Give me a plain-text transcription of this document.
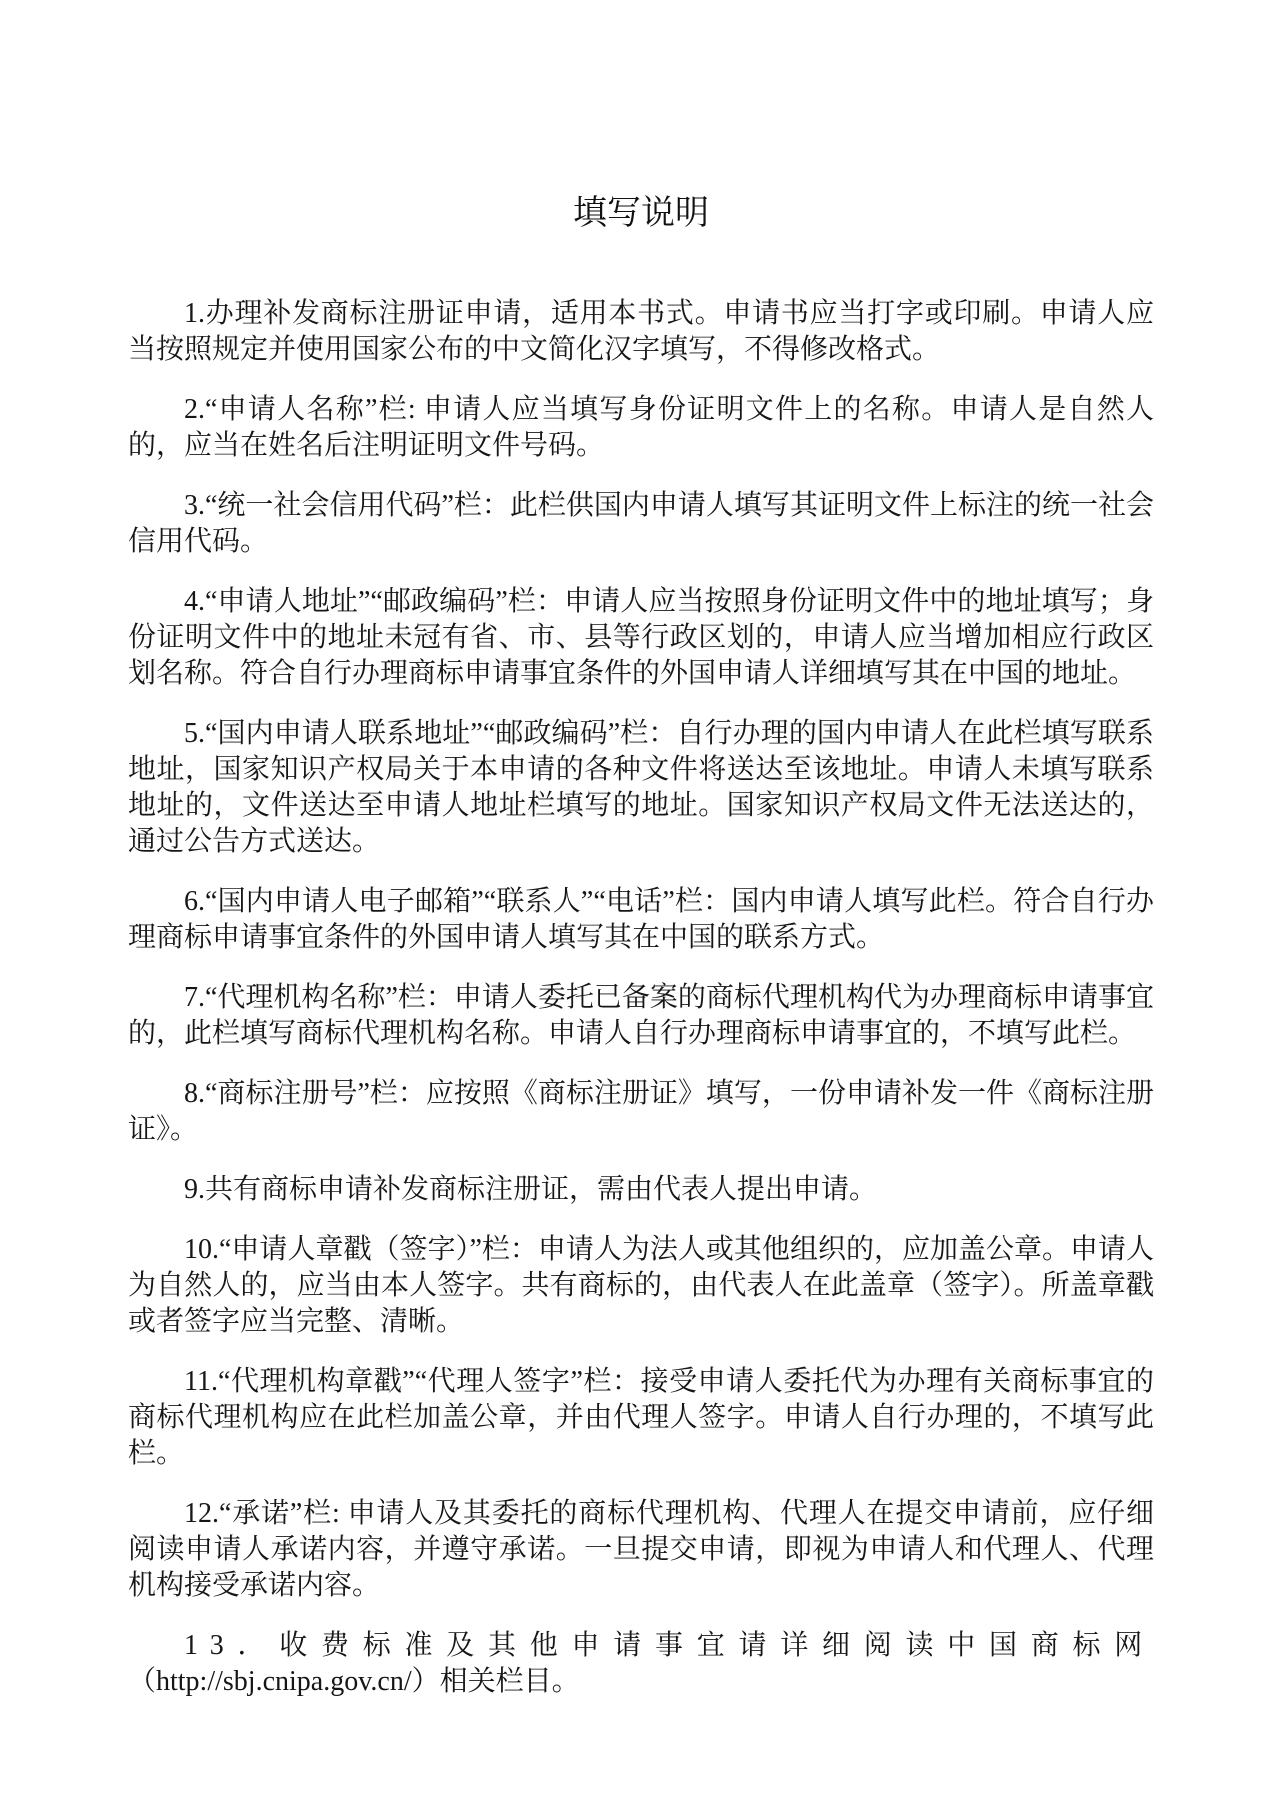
填写说明

1.办理补发商标注册证申请，适用本书式。申请书应当打字或印刷。申请人应当按照规定并使用国家公布的中文简化汉字填写，不得修改格式。

2.“申请人名称”栏: 申请人应当填写身份证明文件上的名称。申请人是自然人的，应当在姓名后注明证明文件号码。

3.“统一社会信用代码”栏：此栏供国内申请人填写其证明文件上标注的统一社会信用代码。

4.“申请人地址”“邮政编码”栏：申请人应当按照身份证明文件中的地址填写；身份证明文件中的地址未冠有省、市、县等行政区划的，申请人应当增加相应行政区划名称。符合自行办理商标申请事宜条件的外国申请人详细填写其在中国的地址。

5.“国内申请人联系地址”“邮政编码”栏：自行办理的国内申请人在此栏填写联系地址，国家知识产权局关于本申请的各种文件将送达至该地址。申请人未填写联系地址的，文件送达至申请人地址栏填写的地址。国家知识产权局文件无法送达的，通过公告方式送达。

6.“国内申请人电子邮箱”“联系人”“电话”栏：国内申请人填写此栏。符合自行办理商标申请事宜条件的外国申请人填写其在中国的联系方式。

7.“代理机构名称”栏：申请人委托已备案的商标代理机构代为办理商标申请事宜的，此栏填写商标代理机构名称。申请人自行办理商标申请事宜的，不填写此栏。

8.“商标注册号”栏：应按照《商标注册证》填写，一份申请补发一件《商标注册证》。

9.共有商标申请补发商标注册证，需由代表人提出申请。

10.“申请人章戳（签字）”栏：申请人为法人或其他组织的，应加盖公章。申请人为自然人的，应当由本人签字。共有商标的，由代表人在此盖章（签字）。所盖章戳或者签字应当完整、清晰。

11.“代理机构章戳”“代理人签字”栏：接受申请人委托代为办理有关商标事宜的商标代理机构应在此栏加盖公章，并由代理人签字。申请人自行办理的，不填写此栏。

12.“承诺”栏: 申请人及其委托的商标代理机构、代理人在提交申请前，应仔细阅读申请人承诺内容，并遵守承诺。一旦提交申请，即视为申请人和代理人、代理机构接受承诺内容。

13．收费标准及其他申请事宜请详细阅读中国商标网
（http://sbj.cnipa.gov.cn/）相关栏目。
